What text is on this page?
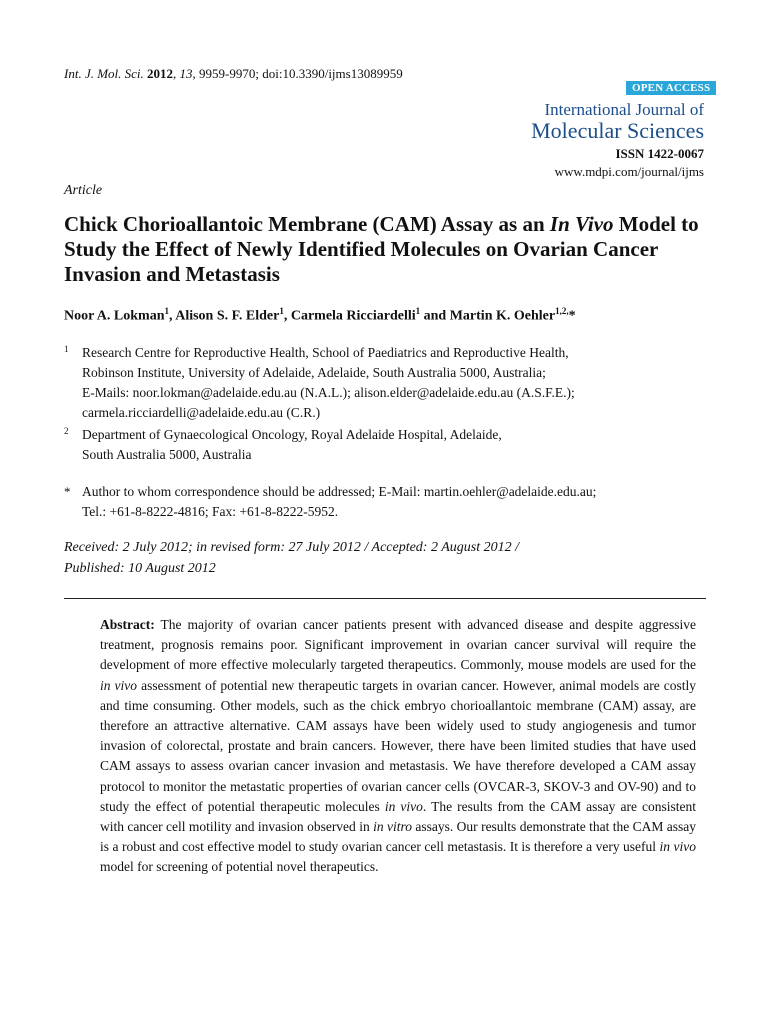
Int. J. Mol. Sci. 2012, 13, 9959-9970; doi:10.3390/ijms13089959
OPEN ACCESS
International Journal of
Molecular Sciences
ISSN 1422-0067
www.mdpi.com/journal/ijms
Article
Chick Chorioallantoic Membrane (CAM) Assay as an In Vivo Model to Study the Effect of Newly Identified Molecules on Ovarian Cancer Invasion and Metastasis
Noor A. Lokman$^1$, Alison S. F. Elder$^1$, Carmela Ricciardelli$^1$ and Martin K. Oehler$^{1,2,}$*
1 Research Centre for Reproductive Health, School of Paediatrics and Reproductive Health,
Robinson Institute, University of Adelaide, Adelaide, South Australia 5000, Australia;
E-Mails: noor.lokman@adelaide.edu.au (N.A.L.); alison.elder@adelaide.edu.au (A.S.F.E.);
carmela.ricciardelli@adelaide.edu.au (C.R.)
2 Department of Gynaecological Oncology, Royal Adelaide Hospital, Adelaide,
South Australia 5000, Australia
* Author to whom correspondence should be addressed; E-Mail: martin.oehler@adelaide.edu.au;
Tel.: +61-8-8222-4816; Fax: +61-8-8222-5952.
Received: 2 July 2012; in revised form: 27 July 2012 / Accepted: 2 August 2012 /
Published: 10 August 2012
Abstract: The majority of ovarian cancer patients present with advanced disease and despite aggressive treatment, prognosis remains poor. Significant improvement in ovarian cancer survival will require the development of more effective molecularly targeted therapeutics. Commonly, mouse models are used for the in vivo assessment of potential new therapeutic targets in ovarian cancer. However, animal models are costly and time consuming. Other models, such as the chick embryo chorioallantoic membrane (CAM) assay, are therefore an attractive alternative. CAM assays have been widely used to study angiogenesis and tumor invasion of colorectal, prostate and brain cancers. However, there have been limited studies that have used CAM assays to assess ovarian cancer invasion and metastasis. We have therefore developed a CAM assay protocol to monitor the metastatic properties of ovarian cancer cells (OVCAR-3, SKOV-3 and OV-90) and to study the effect of potential therapeutic molecules in vivo. The results from the CAM assay are consistent with cancer cell motility and invasion observed in in vitro assays. Our results demonstrate that the CAM assay is a robust and cost effective model to study ovarian cancer cell metastasis. It is therefore a very useful in vivo model for screening of potential novel therapeutics.
